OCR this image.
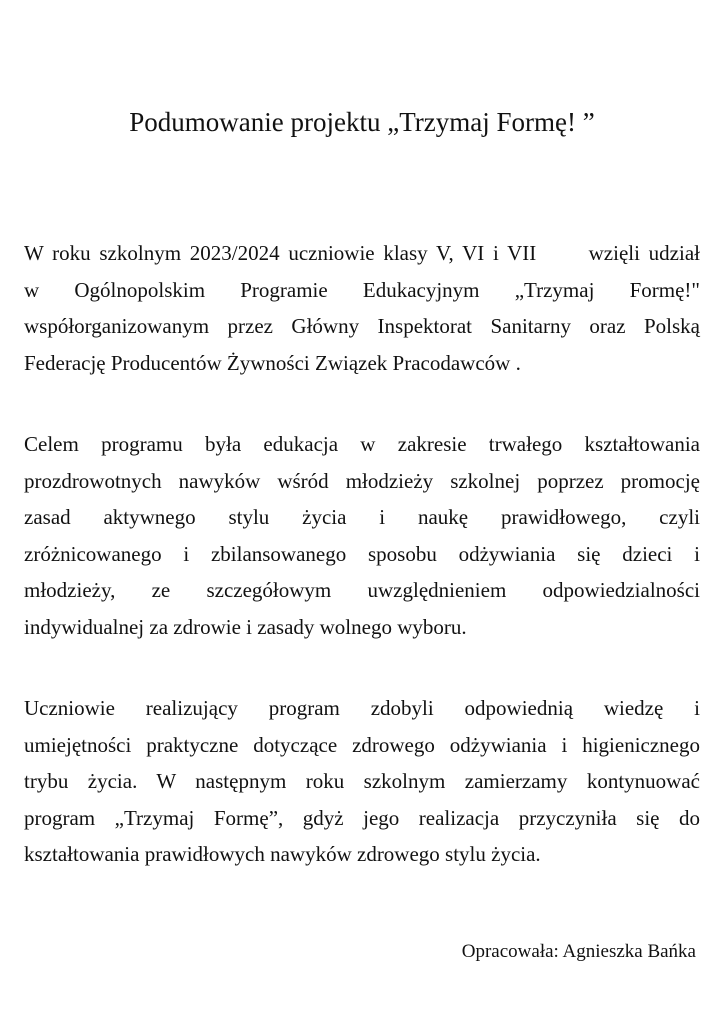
Podumowanie projektu „Trzymaj Formę! ”
W roku szkolnym 2023/2024 uczniowie klasy V, VI i VII      wzięli udział
w Ogólnopolskim Programie Edukacyjnym „Trzymaj Formę!"
współorganizowanym przez Główny Inspektorat Sanitarny oraz Polską
Federację Producentów Żywności Związek Pracodawców .
Celem programu była edukacja w zakresie trwałego kształtowania
prozdrowotnych nawyków wśród młodzieży szkolnej poprzez promocję
zasad aktywnego stylu życia i naukę prawidłowego, czyli
zróżnicowanego i zbilansowanego sposobu odżywiania się dzieci i
młodzieży, ze szczegółowym uwzględnieniem odpowiedzialności
indywidualnej za zdrowie i zasady wolnego wyboru.
Uczniowie realizujący program zdobyli odpowiednią wiedzę i
umiejętności praktyczne dotyczące zdrowego odżywiania i higienicznego
trybu życia. W następnym roku szkolnym zamierzamy kontynuować
program „Trzymaj Formę”, gdyż jego realizacja przyczyniła się do
kształtowania prawidłowych nawyków zdrowego stylu życia.

Opracowała: Agnieszka Bańka
